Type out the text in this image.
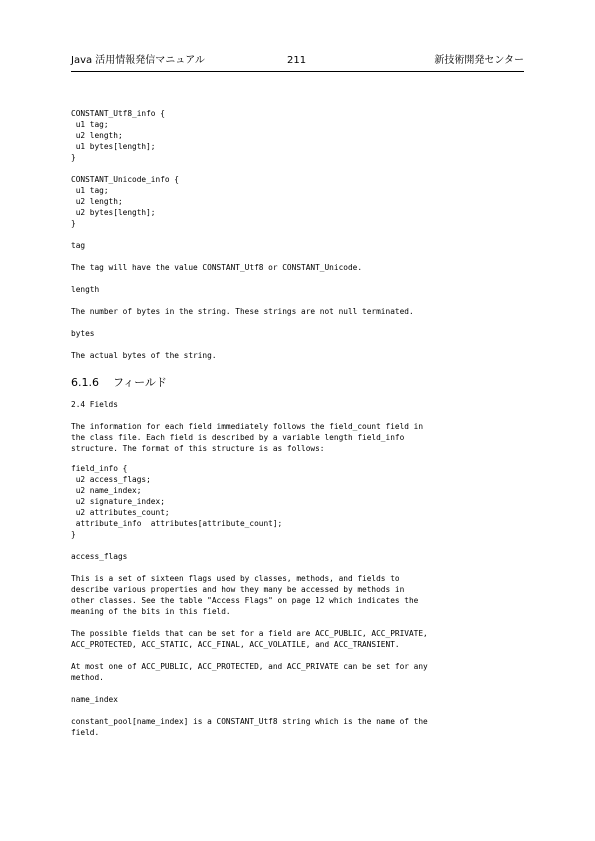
Java 活用情報発信マニュアル	211	新技術開発センター
CONSTANT_Utf8_info {
u1 tag;
u2 length;
u1 bytes[length];
}
CONSTANT_Unicode_info {
u1 tag;
u2 length;
u2 bytes[length];
}
tag
The tag will have the value CONSTANT_Utf8 or CONSTANT_Unicode.
length
The number of bytes in the string. These strings are not null terminated.
bytes
The actual bytes of the string.
6.1.6 フィールド
2.4 Fields
The information for each field immediately follows the field_count field in
the class file. Each field is described by a variable length field_info
structure. The format of this structure is as follows:
field_info {
u2 access_flags;
u2 name_index;
u2 signature_index;
u2 attributes_count;
attribute_info  attributes[attribute_count];
}
access_flags
This is a set of sixteen flags used by classes, methods, and fields to
describe various properties and how they many be accessed by methods in
other classes. See the table "Access Flags" on page 12 which indicates the
meaning of the bits in this field.
The possible fields that can be set for a field are ACC_PUBLIC, ACC_PRIVATE,
ACC_PROTECTED, ACC_STATIC, ACC_FINAL, ACC_VOLATILE, and ACC_TRANSIENT.
At most one of ACC_PUBLIC, ACC_PROTECTED, and ACC_PRIVATE can be set for any
method.
name_index
constant_pool[name_index] is a CONSTANT_Utf8 string which is the name of the
field.
